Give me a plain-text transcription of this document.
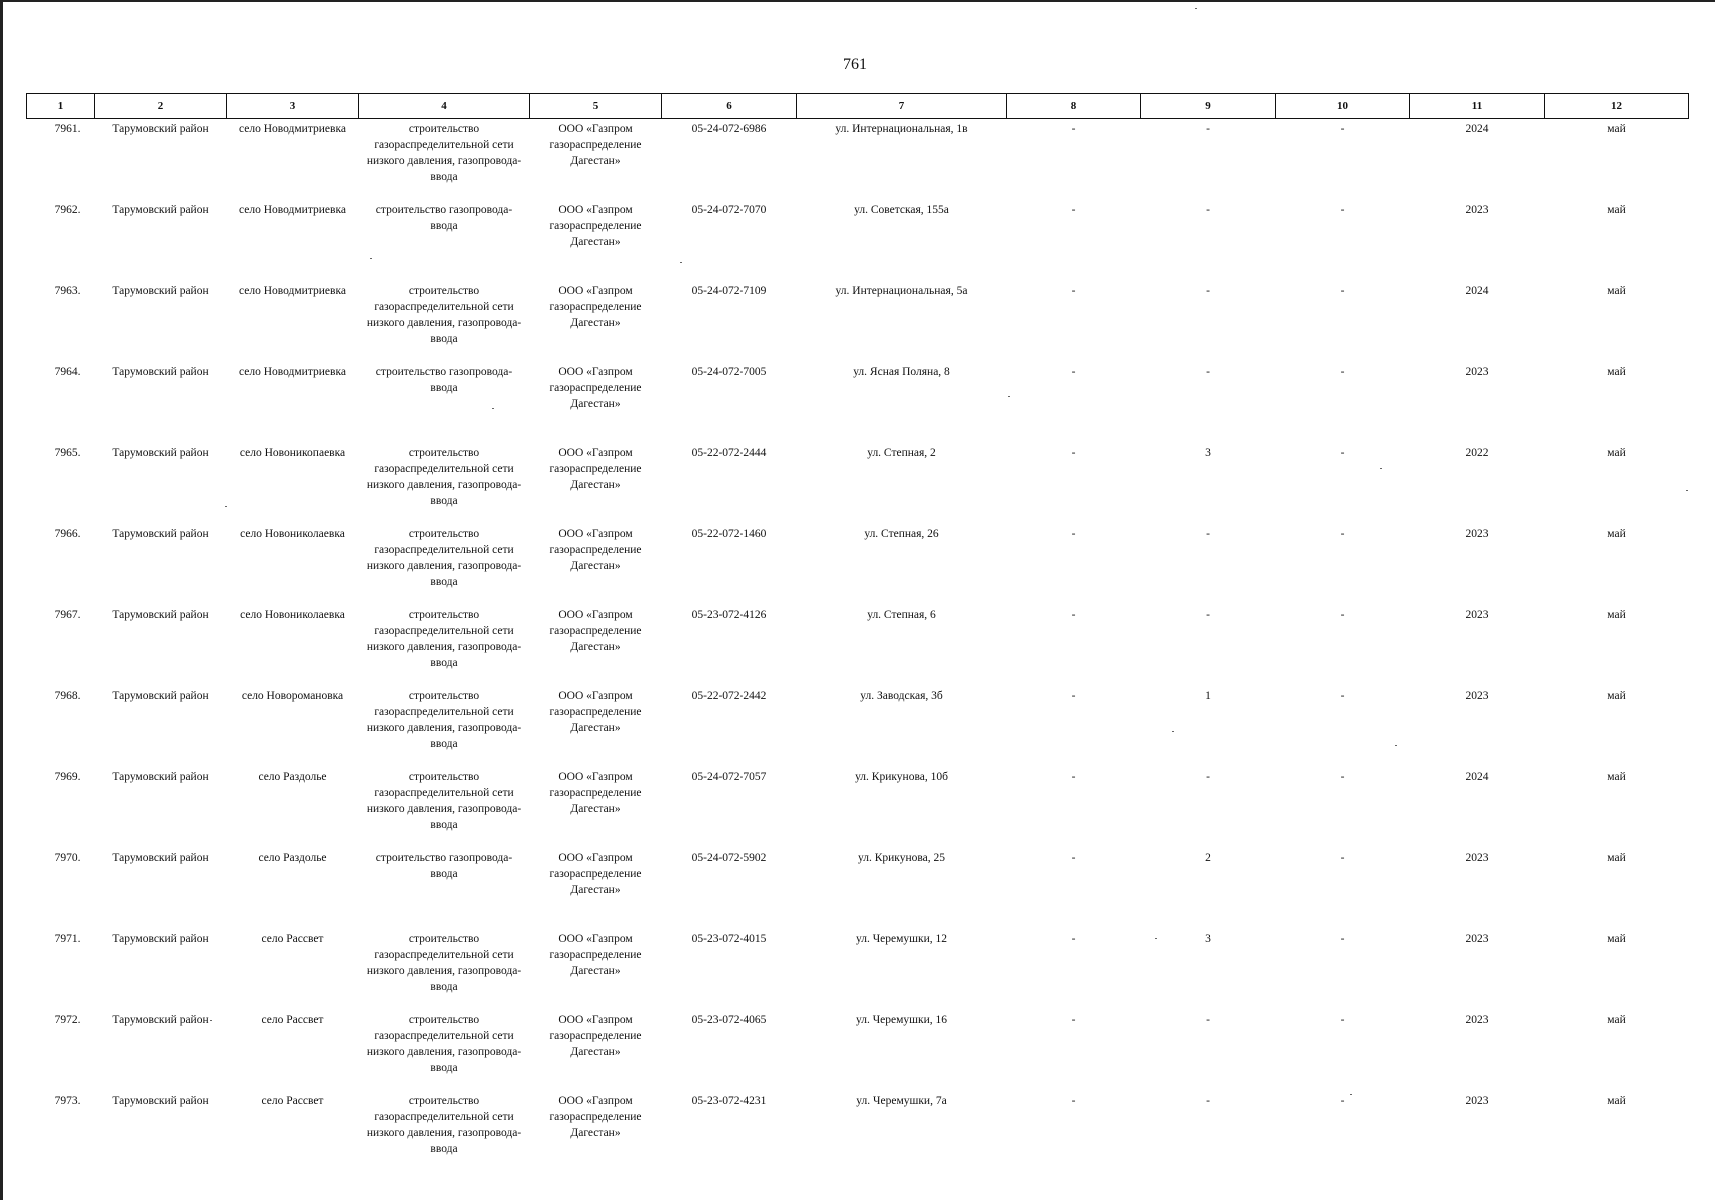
761
1	2	3	4	5	6	7	8	9	10	11	12
7961.	Тарумовский район	село Новодмитриевка	строительство газораспределительной сети низкого давления, газопровода-ввода	ООО «Газпром газораспределение Дагестан»	05-24-072-6986	ул. Интернациональная, 1в	-	-	-	2024	май
7962.	Тарумовский район	село Новодмитриевка	строительство газопровода-ввода	ООО «Газпром газораспределение Дагестан»	05-24-072-7070	ул. Советская, 155а	-	-	-	2023	май
7963.	Тарумовский район	село Новодмитриевка	строительство газораспределительной сети низкого давления, газопровода-ввода	ООО «Газпром газораспределение Дагестан»	05-24-072-7109	ул. Интернациональная, 5а	-	-	-	2024	май
7964.	Тарумовский район	село Новодмитриевка	строительство газопровода-ввода	ООО «Газпром газораспределение Дагестан»	05-24-072-7005	ул. Ясная Поляна, 8	-	-	-	2023	май
7965.	Тарумовский район	село Новоникопаевка	строительство газораспределительной сети низкого давления, газопровода-ввода	ООО «Газпром газораспределение Дагестан»	05-22-072-2444	ул. Степная, 2	-	3	-	2022	май
7966.	Тарумовский район	село Новониколаевка	строительство газораспределительной сети низкого давления, газопровода-ввода	ООО «Газпром газораспределение Дагестан»	05-22-072-1460	ул. Степная, 26	-	-	-	2023	май
7967.	Тарумовский район	село Новониколаевка	строительство газораспределительной сети низкого давления, газопровода-ввода	ООО «Газпром газораспределение Дагестан»	05-23-072-4126	ул. Степная, 6	-	-	-	2023	май
7968.	Тарумовский район	село Новоромановка	строительство газораспределительной сети низкого давления, газопровода-ввода	ООО «Газпром газораспределение Дагестан»	05-22-072-2442	ул. Заводская, 3б	-	1	-	2023	май
7969.	Тарумовский район	село Раздолье	строительство газораспределительной сети низкого давления, газопровода-ввода	ООО «Газпром газораспределение Дагестан»	05-24-072-7057	ул. Крикунова, 10б	-	-	-	2024	май
7970.	Тарумовский район	село Раздолье	строительство газопровода-ввода	ООО «Газпром газораспределение Дагестан»	05-24-072-5902	ул. Крикунова, 25	-	2	-	2023	май
7971.	Тарумовский район	село Рассвет	строительство газораспределительной сети низкого давления, газопровода-ввода	ООО «Газпром газораспределение Дагестан»	05-23-072-4015	ул. Черемушки, 12	-	3	-	2023	май
7972.	Тарумовский район	село Рассвет	строительство газораспределительной сети низкого давления, газопровода-ввода	ООО «Газпром газораспределение Дагестан»	05-23-072-4065	ул. Черемушки, 16	-	-	-	2023	май
7973.	Тарумовский район	село Рассвет	строительство газораспределительной сети низкого давления, газопровода-ввода	ООО «Газпром газораспределение Дагестан»	05-23-072-4231	ул. Черемушки, 7а	-	-	-	2023	май
